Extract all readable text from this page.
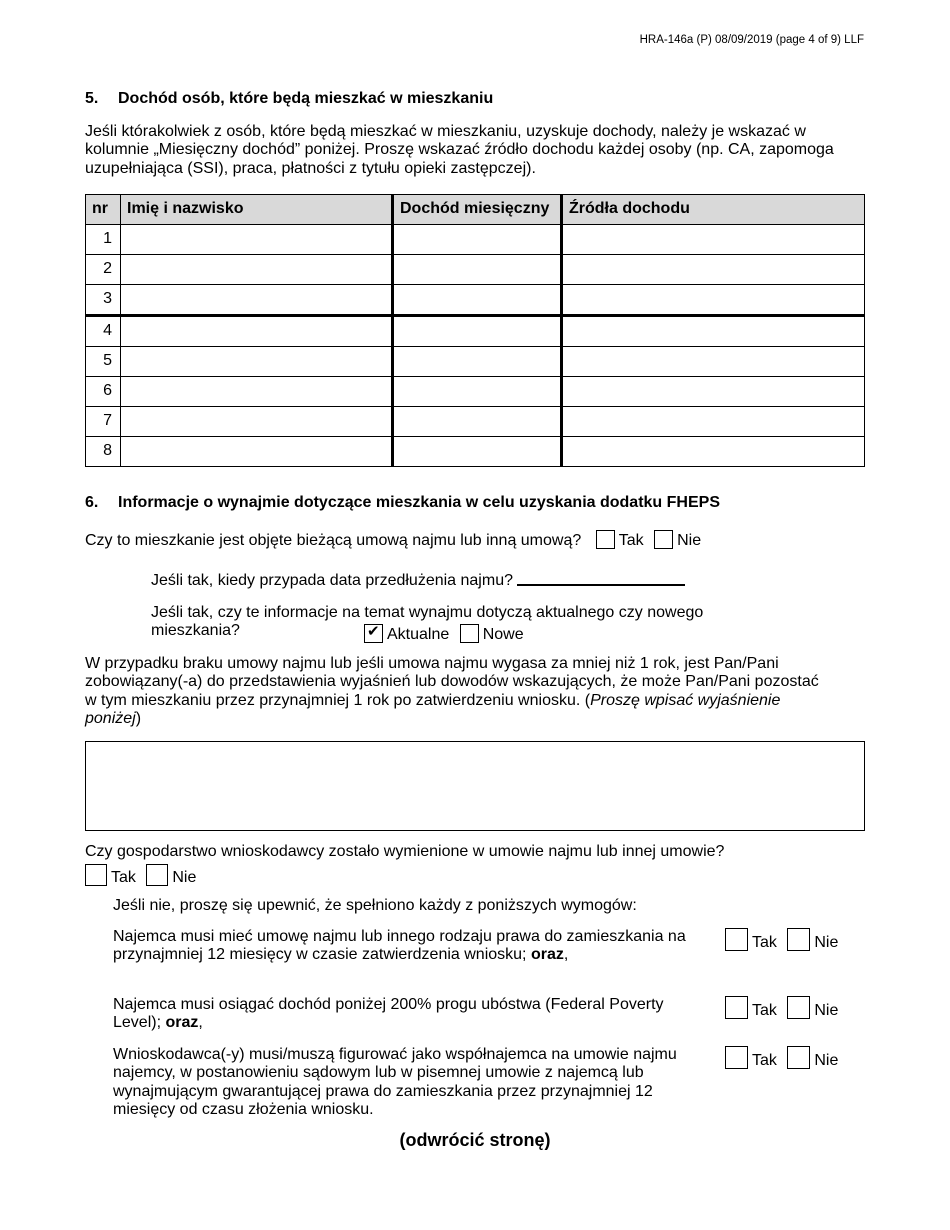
HRA-146a (P) 08/09/2019 (page 4 of 9) LLF
5. Dochód osób, które będą mieszkać w mieszkaniu
Jeśli którakolwiek z osób, które będą mieszkać w mieszkaniu, uzyskuje dochody, należy je wskazać w kolumnie „Miesięczny dochód” poniżej. Proszę wskazać źródło dochodu każdej osoby (np. CA, zapomoga uzupełniająca (SSI), praca, płatności z tytułu opieki zastępczej).
nr	Imię i nazwisko	Dochód miesięczny	Źródła dochodu
1			
2			
3			
4			
5			
6			
7			
8			
6. Informacje o wynajmie dotyczące mieszkania w celu uzyskania dodatku FHEPS
Czy to mieszkanie jest objęte bieżącą umową najmu lub inną umową? Tak Nie
Jeśli tak, kiedy przypada data przedłużenia najmu?
Jeśli tak, czy te informacje na temat wynajmu dotyczą aktualnego czy nowego mieszkania? ✔	Aktualne Nowe
W przypadku braku umowy najmu lub jeśli umowa najmu wygasa za mniej niż 1 rok, jest Pan/Pani zobowiązany(-a) do przedstawienia wyjaśnień lub dowodów wskazujących, że może Pan/Pani pozostać w tym mieszkaniu przez przynajmniej 1 rok po zatwierdzeniu wniosku. (Proszę wpisać wyjaśnienie poniżej)
Czy gospodarstwo wnioskodawcy zostało wymienione w umowie najmu lub innej umowie?
Tak Nie
Jeśli nie, proszę się upewnić, że spełniono każdy z poniższych wymogów:
Najemca musi mieć umowę najmu lub innego rodzaju prawa do zamieszkania na przynajmniej 12 miesięcy w czasie zatwierdzenia wniosku; oraz,
Tak Nie
Najemca musi osiągać dochód poniżej 200% progu ubóstwa (Federal Poverty Level); oraz,
Tak Nie
Wnioskodawca(-y) musi/muszą figurować jako współnajemca na umowie najmu najemcy, w postanowieniu sądowym lub w pisemnej umowie z najemcą lub wynajmującym gwarantującej prawa do zamieszkania przez przynajmniej 12 miesięcy od czasu złożenia wniosku.
Tak Nie
(odwrócić stronę)
